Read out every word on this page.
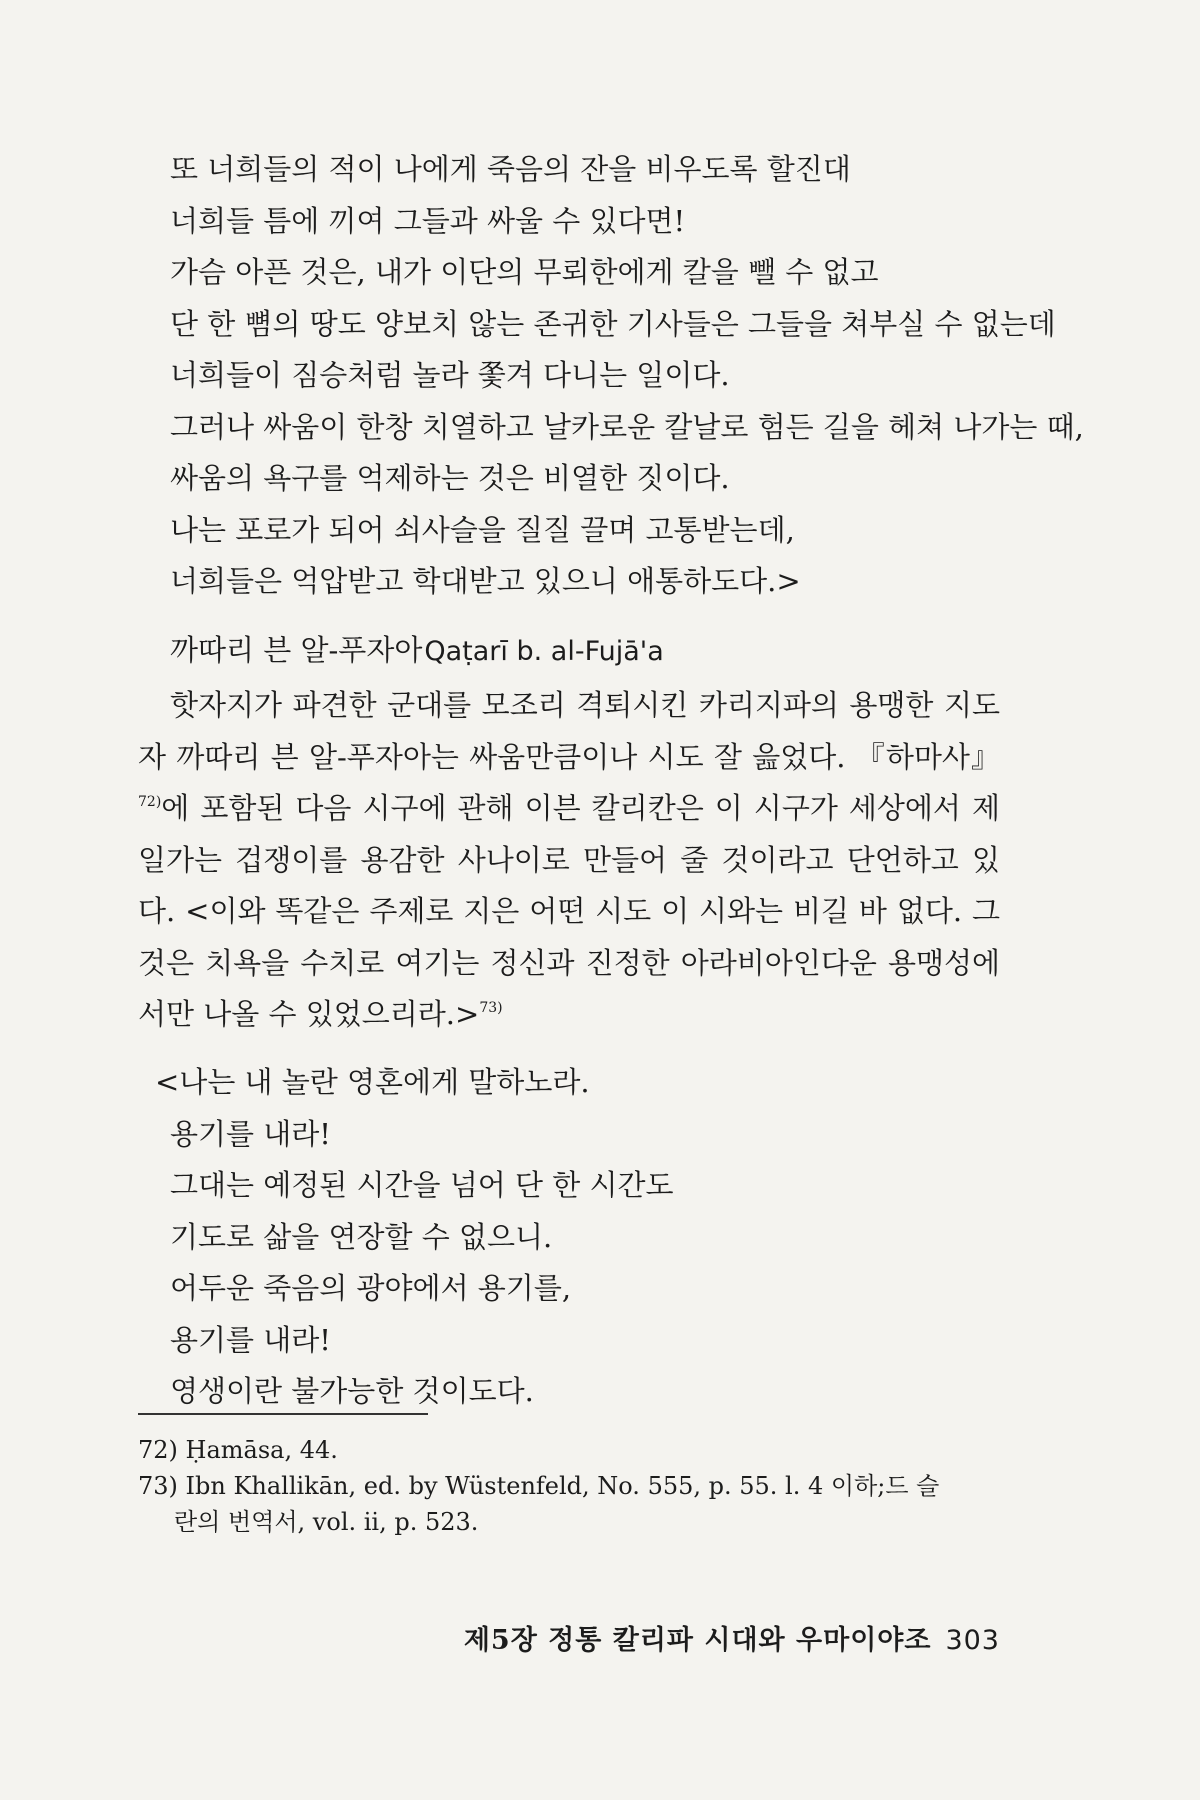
또 너희들의 적이 나에게 죽음의 잔을 비우도록 할진대
너희들 틈에 끼여 그들과 싸울 수 있다면!
가슴 아픈 것은, 내가 이단의 무뢰한에게 칼을 뺄 수 없고
단 한 뼘의 땅도 양보치 않는 존귀한 기사들은 그들을 쳐부실 수 없는데
너희들이 짐승처럼 놀라 쫓겨 다니는 일이다.
그러나 싸움이 한창 치열하고 날카로운 칼날로 험든 길을 헤쳐 나가는 때,
싸움의 욕구를 억제하는 것은 비열한 짓이다.
나는 포로가 되어 쇠사슬을 질질 끌며 고통받는데,
너희들은 억압받고 학대받고 있으니 애통하도다.>
까따리 븐 알-푸자아Qaṭarī b. al-Fujā'a

핫자지가 파견한 군대를 모조리 격퇴시킨 카리지파의 용맹한 지도자 까따리 븐 알-푸자아는 싸움만큼이나 시도 잘 읊었다. 『하마사』$^{72)}$에 포함된 다음 시구에 관해 이븐 칼리칸은 이 시구가 세상에서 제일가는 겁쟁이를 용감한 사나이로 만들어 줄 것이라고 단언하고 있다. <이와 똑같은 주제로 지은 어떤 시도 이 시와는 비길 바 없다. 그것은 치욕을 수치로 여기는 정신과 진정한 아라비아인다운 용맹성에서만 나올 수 있었으리라.>$^{73)}$

<나는 내 놀란 영혼에게 말하노라.
용기를 내라!
그대는 예정된 시간을 넘어 단 한 시간도
기도로 삶을 연장할 수 없으니.
어두운 죽음의 광야에서 용기를,
용기를 내라!
영생이란 불가능한 것이도다.
72) Ḥamāsa, 44.
73) Ibn Khallikān, ed. by Wüstenfeld, No. 555, p. 55. l. 4 이하;드 슬
란의 번역서, vol. ii, p. 523.
제5장 정통 칼리파 시대와 우마이야조 303
